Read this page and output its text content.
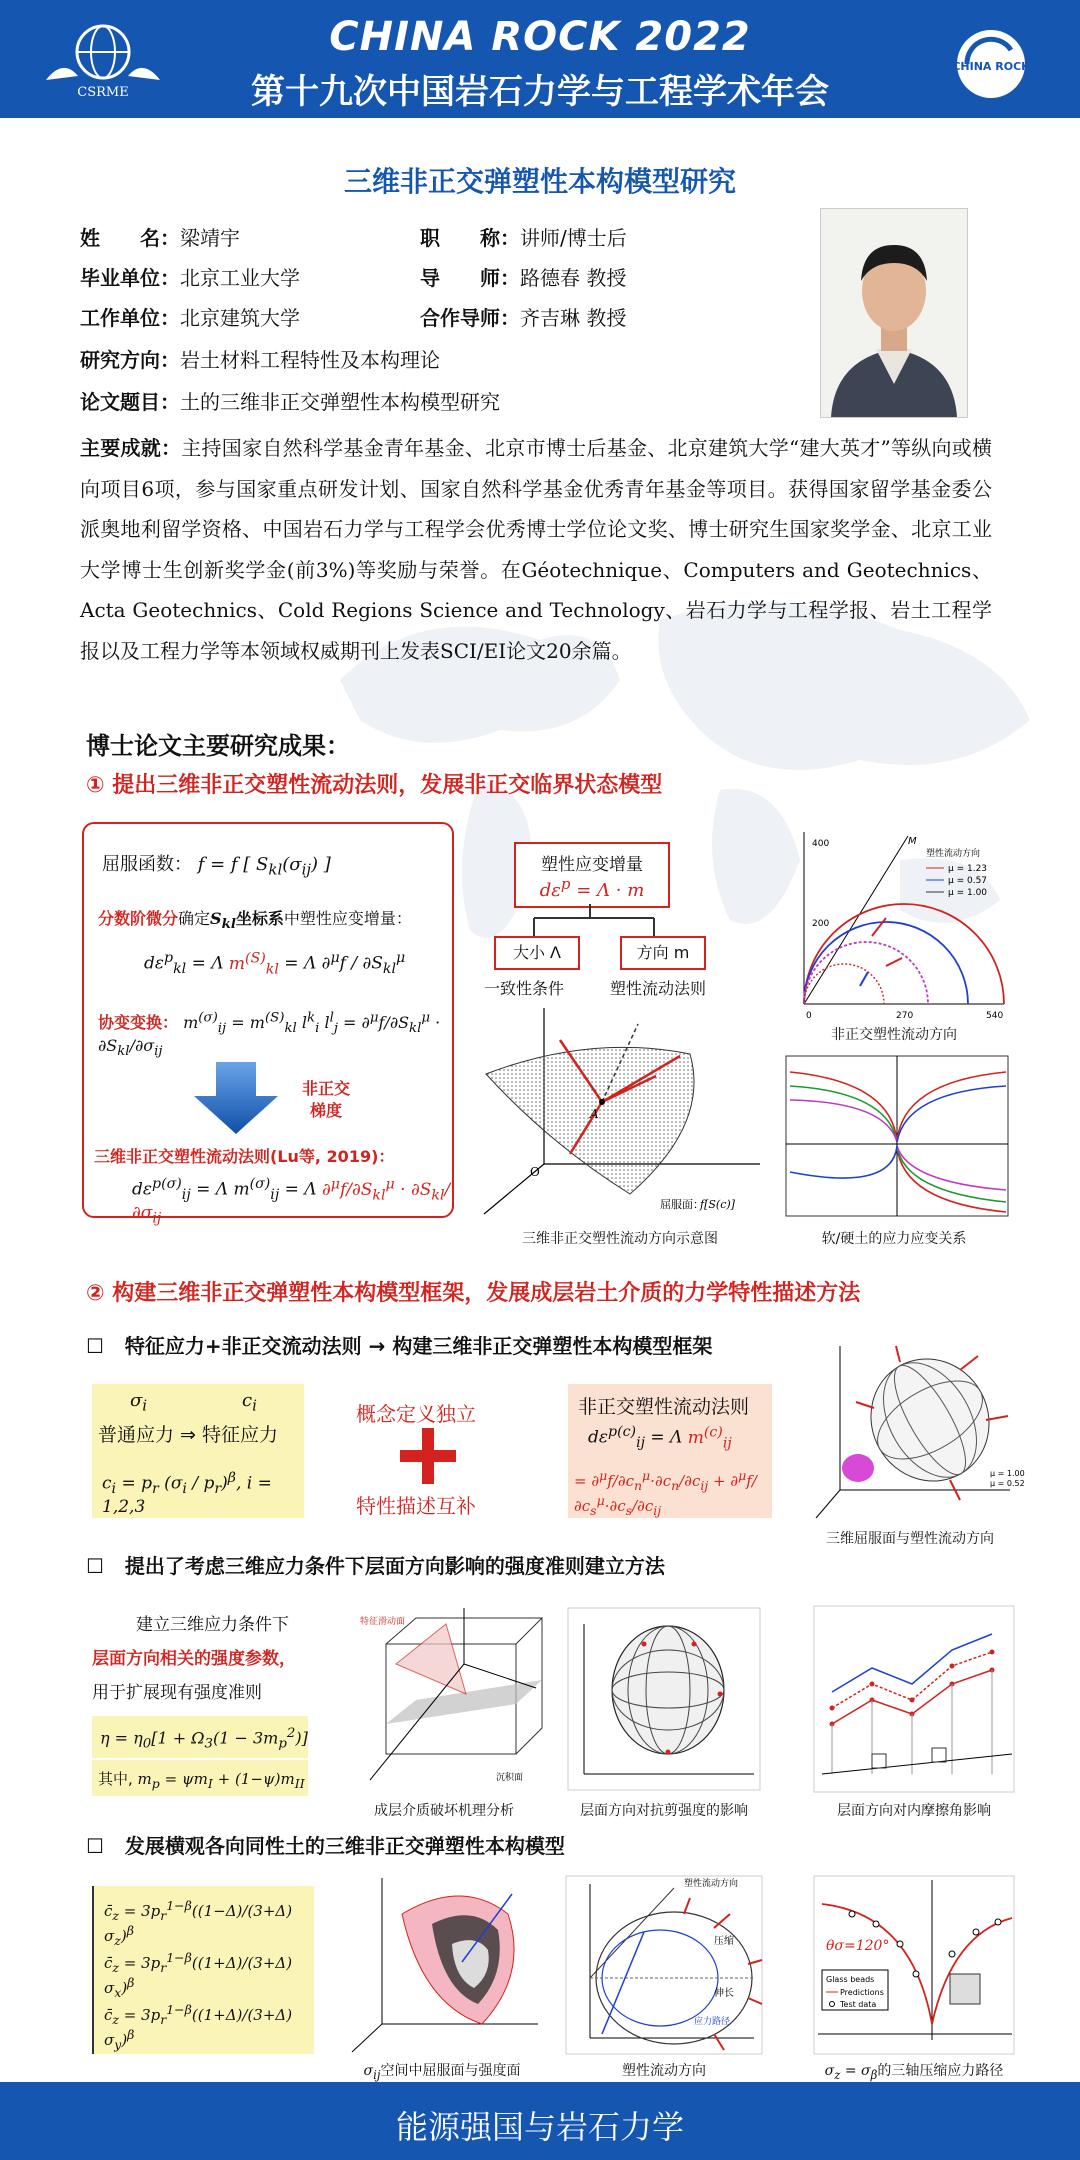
CSRME
CHINA ROCK 2022
第十九次中国岩石力学与工程学术年会
CHINA ROCK
三维非正交弹塑性本构模型研究
姓　　名：梁靖宇	职　　称：讲师/博士后
毕业单位：北京工业大学	导　　师：路德春 教授
工作单位：北京建筑大学	合作导师：齐吉琳 教授
研究方向：岩土材料工程特性及本构理论
论文题目：土的三维非正交弹塑性本构模型研究
主要成就：主持国家自然科学基金青年基金、北京市博士后基金、北京建筑大学“建大英才”等纵向或横向项目6项，参与国家重点研发计划、国家自然科学基金优秀青年基金等项目。获得国家留学基金委公派奥地利留学资格、中国岩石力学与工程学会优秀博士学位论文奖、博士研究生国家奖学金、北京工业大学博士生创新奖学金(前3%)等奖励与荣誉。在Géotechnique、Computers and Geotechnics、Acta Geotechnics、Cold Regions Science and Technology、岩石力学与工程学报、岩土工程学报以及工程力学等本领域权威期刊上发表SCI/EI论文20余篇。
博士论文主要研究成果：
① 提出三维非正交塑性流动法则，发展非正交临界状态模型
屈服函数： f = f [ $S_{kl}(\sigma_{ij})$ ]
分数阶微分确定$S_{kl}$坐标系中塑性应变增量：
$d\varepsilon^p_{kl} = \Lambda$ $m^{(S)}_{kl} = \Lambda$ $\partial^\mu f / \partial S_{kl}^\mu$
协变变换： $m^{(\sigma)}_{ij} = m^{(S)}_{kl}$ $l^k_i$ $l^l_j = \partial^\mu f/\partial S_{kl}^\mu \cdot \partial S_{kl}/\partial\sigma_{ij}$
非正交
梯度
三维非正交塑性流动法则(Lu等, 2019)：
$d\varepsilon^{p(\sigma)}_{ij} = \Lambda$ $m^{(\sigma)}_{ij} = \Lambda$ $\partial^\mu f/\partial S_{kl}^\mu \cdot \partial S_{kl}/\partial\sigma_{ij}$
塑性应变增量
$d\varepsilon^p = \Lambda \cdot m$
大小 Λ	方向 m
一致性条件	塑性流动法则
A
O
屈服面：
f[S(c)]
三维非正交塑性流动方向示意图
M
400
200
0	270	540
塑性流动方向
μ = 1.23
μ = 0.57
μ = 1.00
非正交塑性流动方向
软/硬土的应力应变关系
② 构建三维非正交弹塑性本构模型框架，发展成层岩土介质的力学特性描述方法
☐ 特征应力+非正交流动法则 → 构建三维非正交弹塑性本构模型框架
$\sigma_i$	$c_i$
普通应力 ⇒ 特征应力
$c_i = p_r$ $(\sigma_i / p_r)^\beta$, i = 1,2,3
概念定义独立
特性描述互补
非正交塑性流动法则
$d\varepsilon^{p(c)}_{ij} = \Lambda$ $m^{(c)}_{ij}$
= $\partial^\mu f/\partial c_n^\mu\cdot\partial c_n/\partial c_{ij} + \partial^\mu f/\partial c_s^\mu\cdot\partial c_s/\partial c_{ij}$
μ = 1.00
μ = 0.52
三维屈服面与塑性流动方向
☐ 提出了考虑三维应力条件下层面方向影响的强度准则建立方法
建立三维应力条件下
层面方向相关的强度参数，
用于扩展现有强度准则
$\eta = \eta_0[1 + \Omega_3(1 - 3m_p^2)]$
其中, $m_p = \psi m_I + (1-\psi)m_{II}$
特征滑动面
沉积面
成层介质破坏机理分析	层面方向对抗剪强度的影响	层面方向对内摩擦角影响
☐ 发展横观各向同性土的三维非正交弹塑性本构模型
$c̄_z = 3p_r^{1-\beta}((1-\Delta)/(3+\Delta)$ $\sigma_z)^\beta$
$c̄_z = 3p_r^{1-\beta}((1+\Delta)/(3+\Delta)$ $\sigma_x)^\beta$
$c̄_z = 3p_r^{1-\beta}((1+\Delta)/(3+\Delta)$ $\sigma_y)^\beta$
$\sigma_{ij}$空间中屈服面与强度面
塑性流动方向
压缩
伸长
应力路径
塑性流动方向
θσ=120°
Glass beads
Predictions
Test data
$\sigma_z = \sigma_\beta$的三轴压缩应力路径
能源强国与岩石力学
